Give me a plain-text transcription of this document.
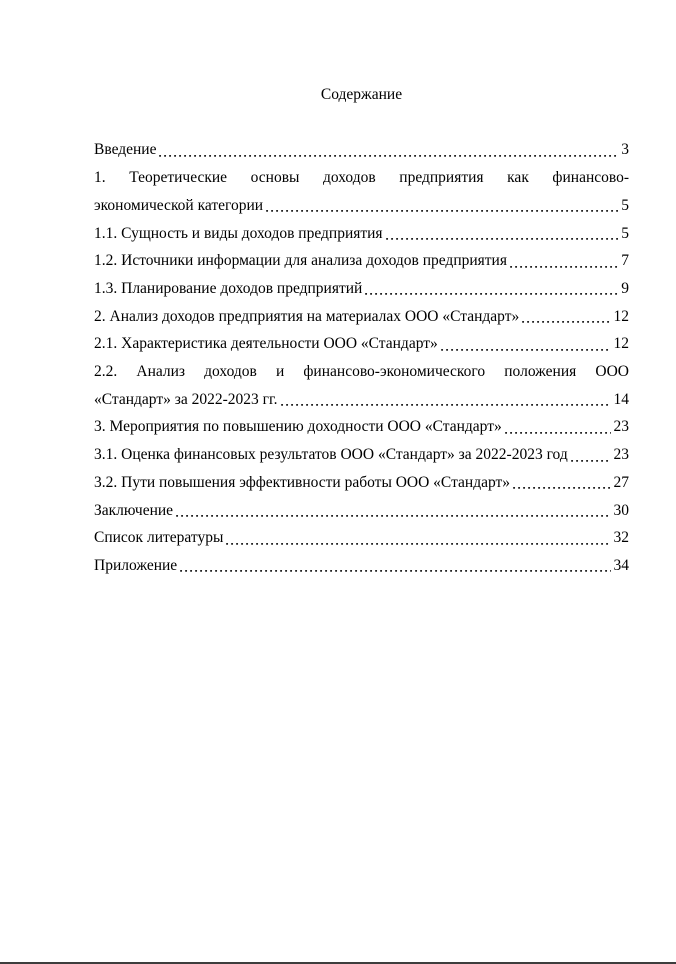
Содержание
Введение	3
1. Теоретические основы доходов предприятия как финансово-
экономической категории	5
1.1. Сущность и виды доходов предприятия	5
1.2. Источники информации для анализа доходов предприятия	7
1.3. Планирование доходов предприятий	9
2. Анализ доходов предприятия на материалах ООО «Стандарт»	12
2.1. Характеристика деятельности ООО «Стандарт»	12
2.2. Анализ доходов и финансово-экономического положения ООО
«Стандарт» за 2022-2023 гг.	14
3. Мероприятия по повышению доходности ООО «Стандарт»	23
3.1. Оценка финансовых результатов ООО «Стандарт» за 2022-2023 год	23
3.2. Пути повышения эффективности работы ООО «Стандарт»	27
Заключение	30
Список литературы	32
Приложение	34
